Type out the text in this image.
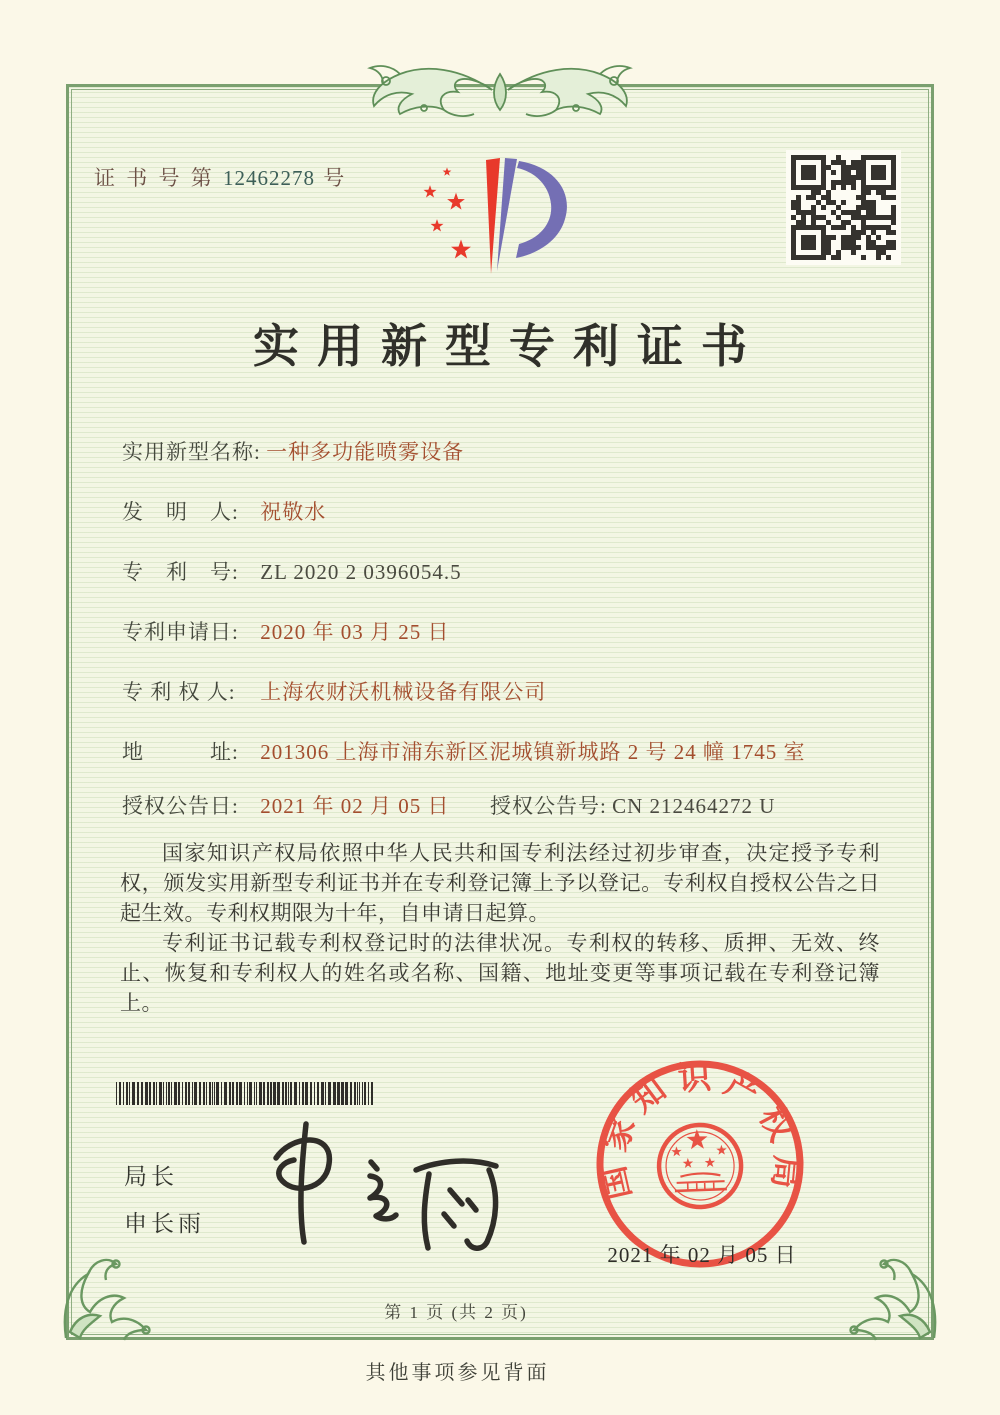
证 书 号 第 12462278 号
实用新型专利证书
实用新型名称: 一种多功能喷雾设备
发　明　人: 祝敬水
专　利　号: ZL 2020 2 0396054.5
专利申请日: 2020 年 03 月 25 日
专 利 权 人: 上海农财沃机械设备有限公司
地　　　址: 201306 上海市浦东新区泥城镇新城路 2 号 24 幢 1745 室
授权公告日: 2021 年 02 月 05 日 授权公告号: CN 212464272 U

国家知识产权局依照中华人民共和国专利法经过初步审查，决定授予专利权，颁发实用新型专利证书并在专利登记簿上予以登记。专利权自授权公告之日起生效。专利权期限为十年，自申请日起算。

专利证书记载专利权登记时的法律状况。专利权的转移、质押、无效、终止、恢复和专利权人的姓名或名称、国籍、地址变更等事项记载在专利登记簿上。

局长
申长雨
国家知识产权局
2021 年 02 月 05 日
第 1 页 (共 2 页)
其他事项参见背面
